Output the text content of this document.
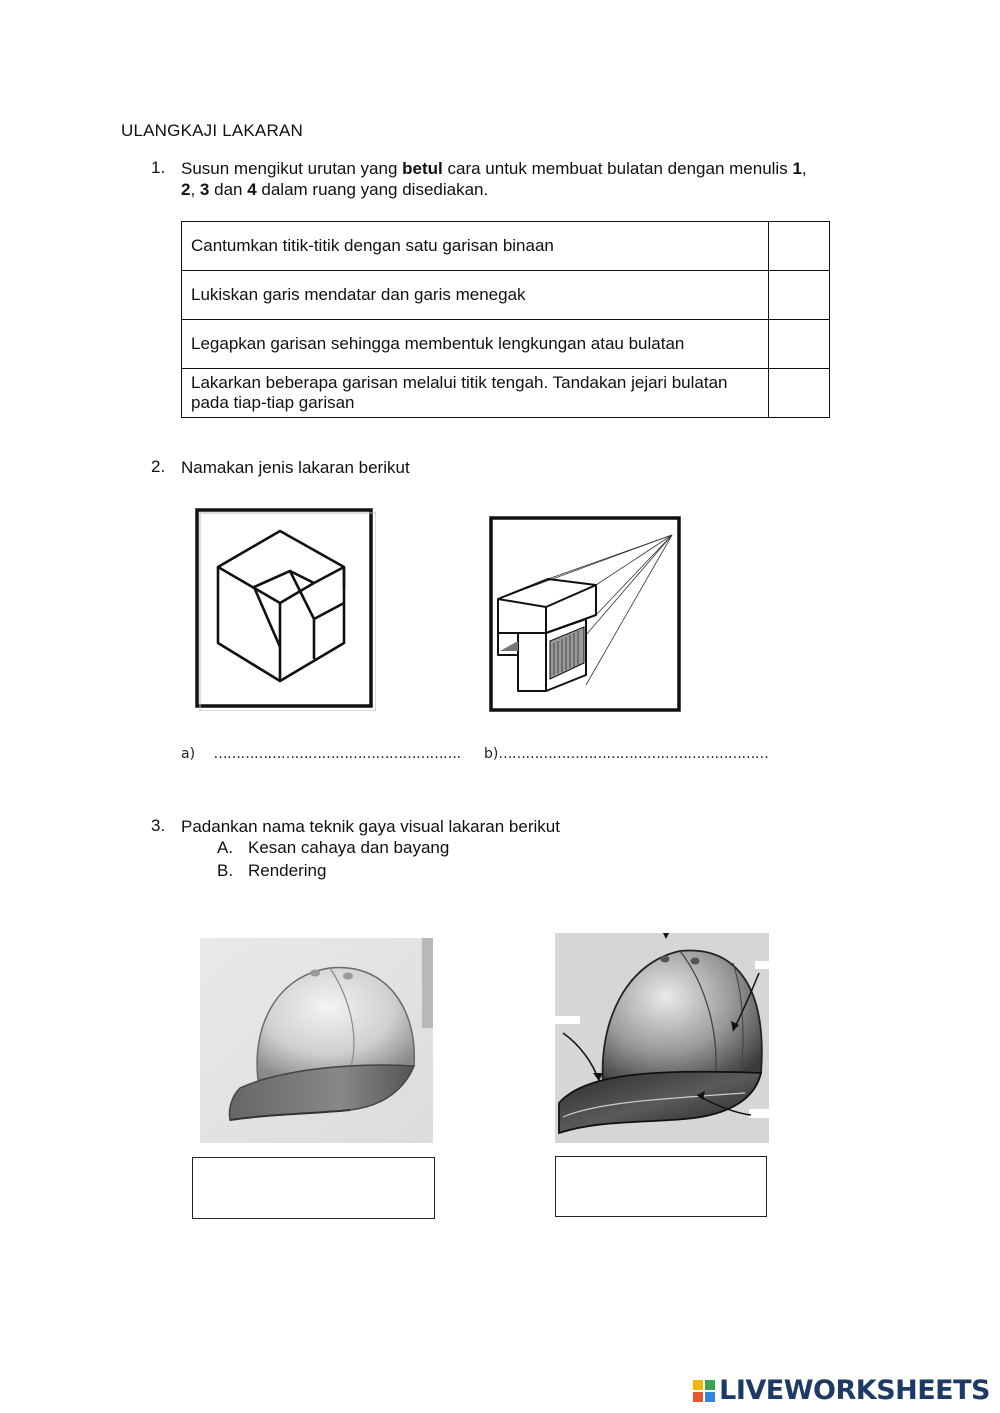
ULANGKAJI LAKARAN
1. Susun mengikut urutan yang betul cara untuk membuat bulatan dengan menulis 1,
2, 3 dan 4 dalam ruang yang disediakan.
Cantumkan titik-titik dengan satu garisan binaan	
Lukiskan garis mendatar dan garis menegak	
Legapkan garisan sehingga membentuk lengkungan atau bulatan	
Lakarkan beberapa garisan melalui titik tengah. Tandakan jejari bulatan pada tiap-tiap garisan	
2. Namakan jenis lakaran berikut
a) ………………………………………………. b)……………………………………………………
3. Padankan nama teknik gaya visual lakaran berikut
A. Kesan cahaya dan bayang
B. Rendering
LIVEWORKSHEETS
